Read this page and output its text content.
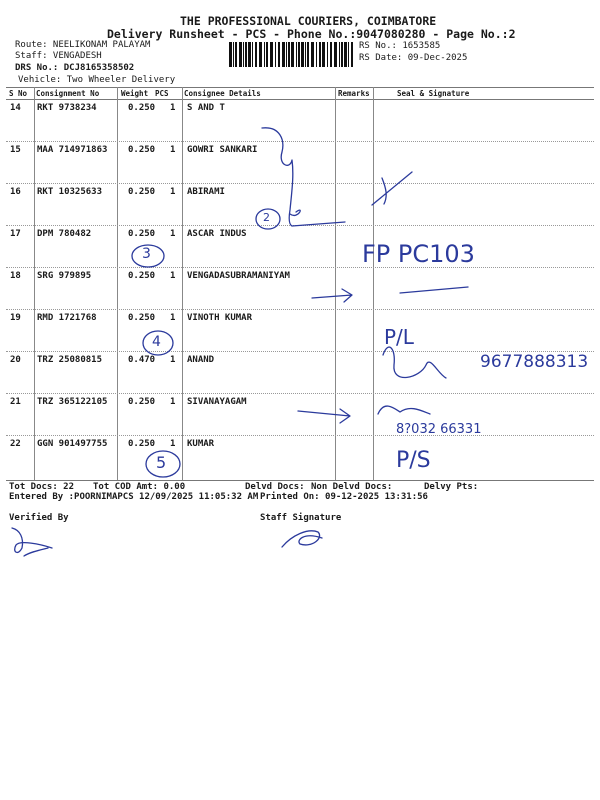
THE PROFESSIONAL COURIERS, COIMBATORE
Delivery Runsheet - PCS - Phone No.:9047080280 - Page No.:2
Route: NEELIKONAM PALAYAM
Staff: VENGADESH
DRS No.: DCJ8165358502
Vehicle: Two Wheeler Delivery
RS No.: 1653585
RS Date: 09-Dec-2025
S No Consignment No	Weight PCS Consignee Details	Remarks	Seal & Signature
14 RKT 9738234	0.250 1 S AND T
15 MAA 714971863 0.250 1 GOWRI SANKARI
16 RKT 10325633	0.250 1 ABIRAMI
17 DPM 780482	0.250 1 ASCAR INDUS
18 SRG 979895	0.250 1 VENGADASUBRAMANIYAM
19 RMD 1721768	0.250 1 VINOTH KUMAR
20 TRZ 25080815	0.470 1 ANAND
21 TRZ 365122105 0.250 1 SIVANAYAGAM
22 GGN 901497755 0.250 1 KUMAR
Tot Docs: 22 Tot COD Amt: 0.00	Delvd Docs: Non Delvd Docs:	Delvy Pts:
Entered By :POORNIMAPCS 12/09/2025 11:05:32 AM Printed On: 09-12-2025 13:31:56
Verified By	Staff Signature
FP PC103
3
4
5
2
P/L
9677888313
8?032 66331
P/S
